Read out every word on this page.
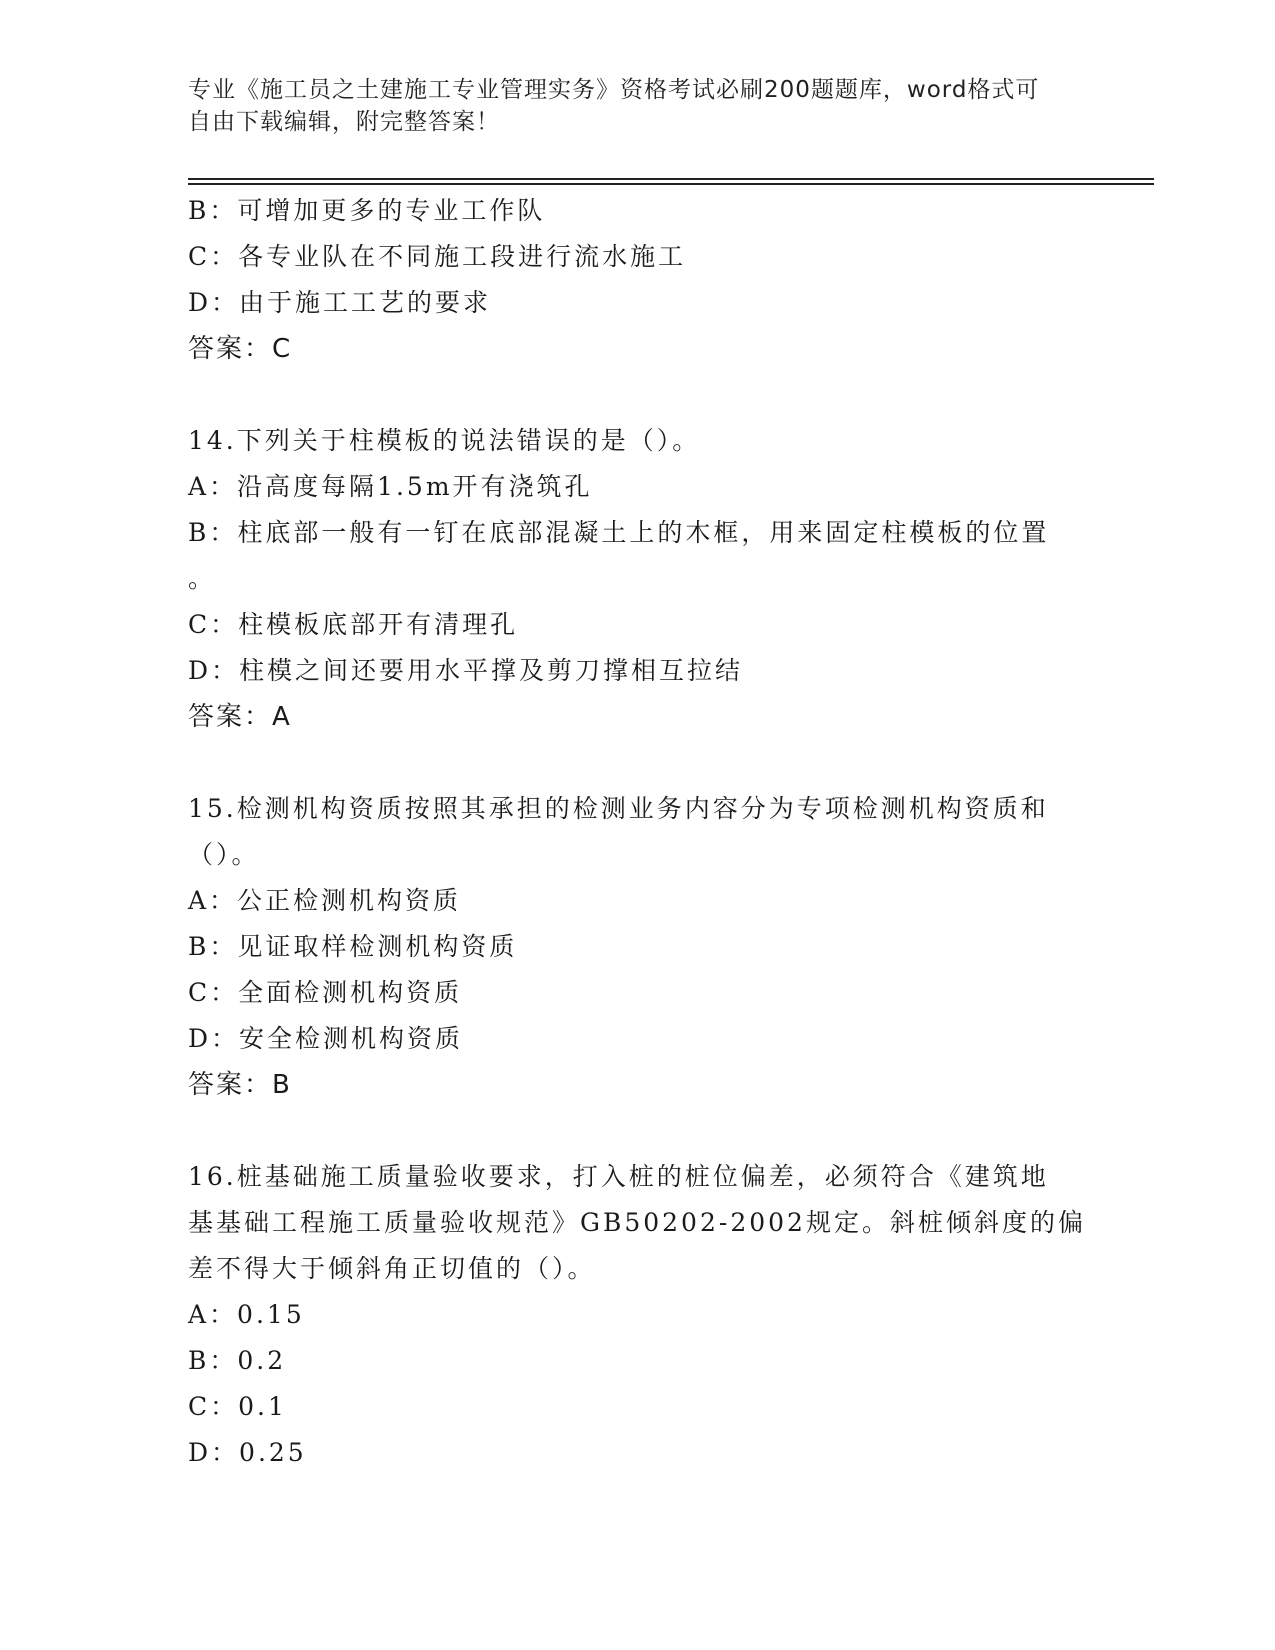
专业《施工员之土建施工专业管理实务》资格考试必刷200题题库，word格式可
自由下载编辑，附完整答案！
B：可增加更多的专业工作队
C：各专业队在不同施工段进行流水施工
D：由于施工工艺的要求
答案：C
14.下列关于柱模板的说法错误的是（）。
A：沿高度每隔1.5m开有浇筑孔
B：柱底部一般有一钉在底部混凝土上的木框，用来固定柱模板的位置
。
C：柱模板底部开有清理孔
D：柱模之间还要用水平撑及剪刀撑相互拉结
答案：A
15.检测机构资质按照其承担的检测业务内容分为专项检测机构资质和
（）。
A：公正检测机构资质
B：见证取样检测机构资质
C：全面检测机构资质
D：安全检测机构资质
答案：B
16.桩基础施工质量验收要求，打入桩的桩位偏差，必须符合《建筑地
基基础工程施工质量验收规范》GB50202-2002规定。斜桩倾斜度的偏
差不得大于倾斜角正切值的（）。
A：0.15
B：0.2
C：0.1
D：0.25
